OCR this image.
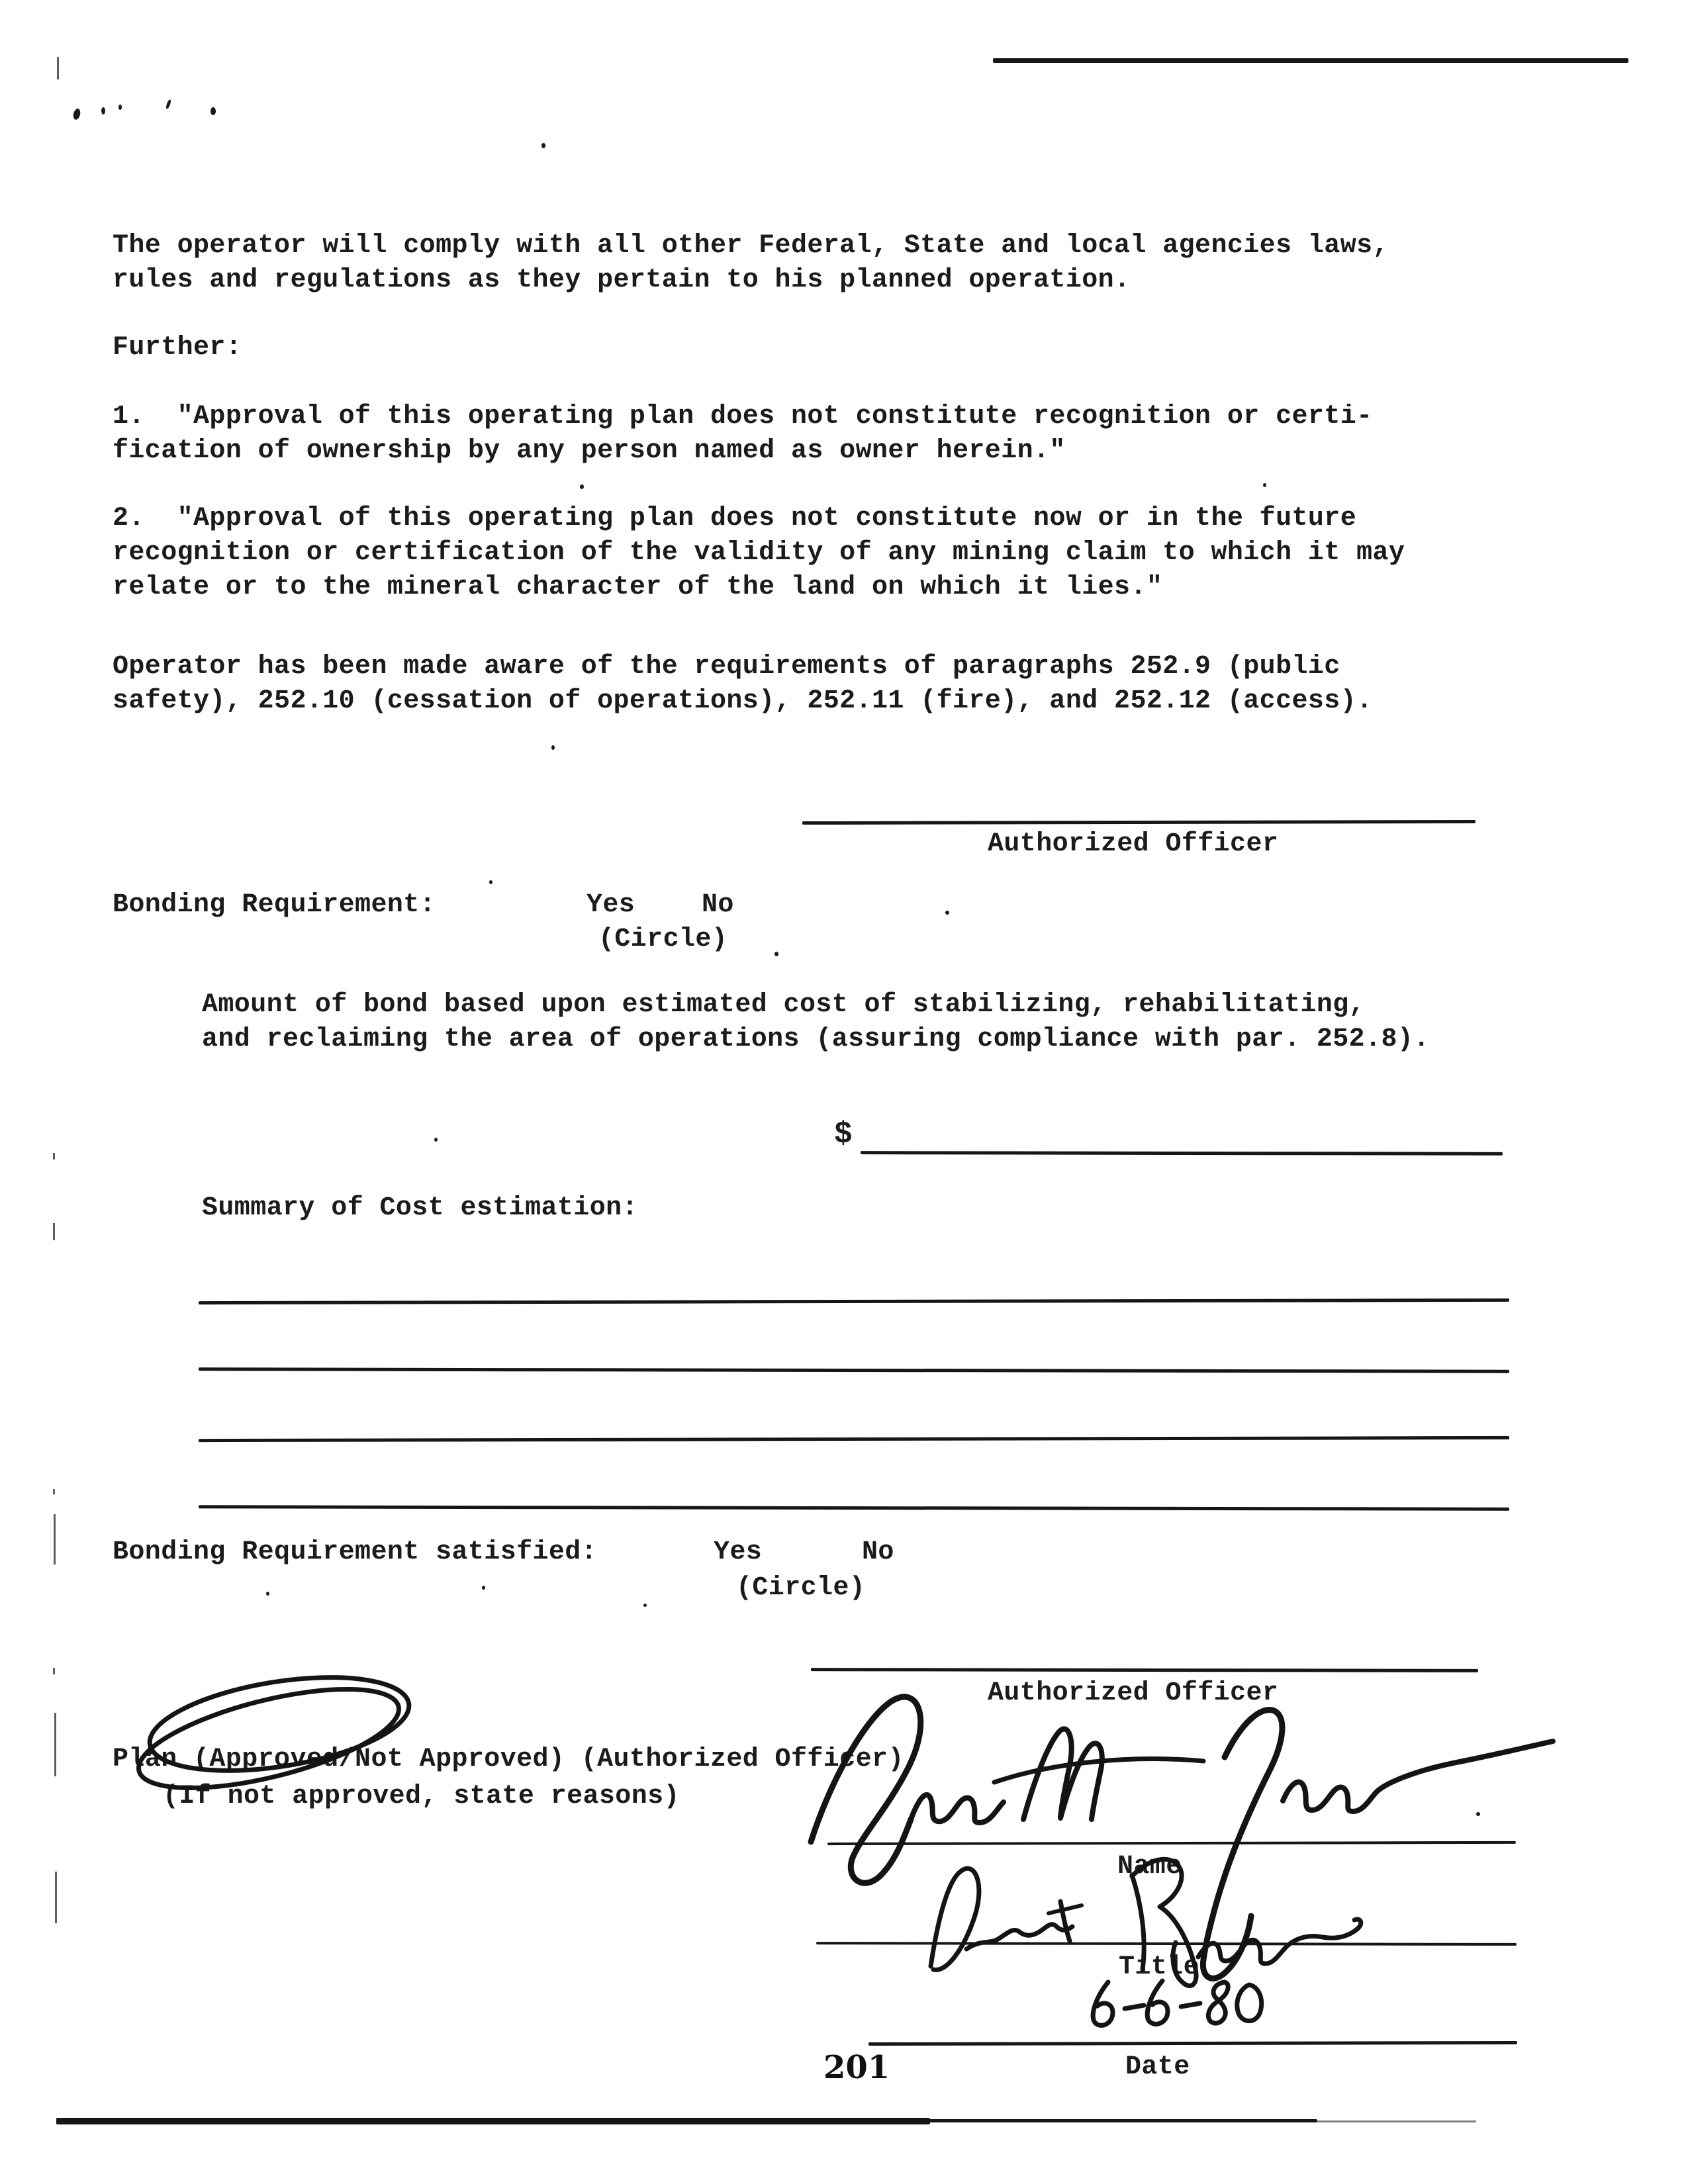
The operator will comply with all other Federal, State and local agencies laws,
rules and regulations as they pertain to his planned operation.
Further:
1.  "Approval of this operating plan does not constitute recognition or certi-
fication of ownership by any person named as owner herein."
2.  "Approval of this operating plan does not constitute now or in the future
recognition or certification of the validity of any mining claim to which it may
relate or to the mineral character of the land on which it lies."
Operator has been made aware of the requirements of paragraphs 252.9 (public
safety), 252.10 (cessation of operations), 252.11 (fire), and 252.12 (access).
Authorized Officer
Bonding Requirement:	Yes	No
(Circle)
Amount of bond based upon estimated cost of stabilizing, rehabilitating,
and reclaiming the area of operations (assuring compliance with par. 252.8).
$
Summary of Cost estimation:
Bonding Requirement satisfied:	Yes	No
(Circle)
Authorized Officer
Plan (Approved/Not Approved) (Authorized Officer)
(If not approved, state reasons)
Name
Title
Date
201
